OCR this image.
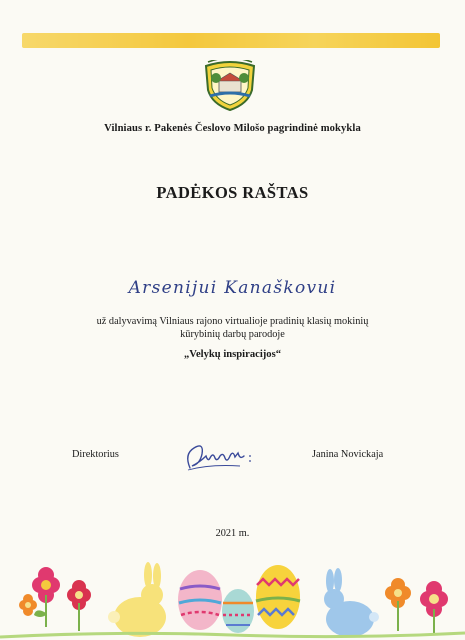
Vilniaus r. Pakenės Česlovo Milošo pagrindinė mokykla
PADĖKOS RAŠTAS
Arsenijui Kanaškovui
už dalyvavimą Vilniaus rajono virtualioje pradinių klasių mokinių
kūrybinių darbų parodoje
„Velykų inspiracijos“
Direktorius	Janina Novickaja
2021 m.
